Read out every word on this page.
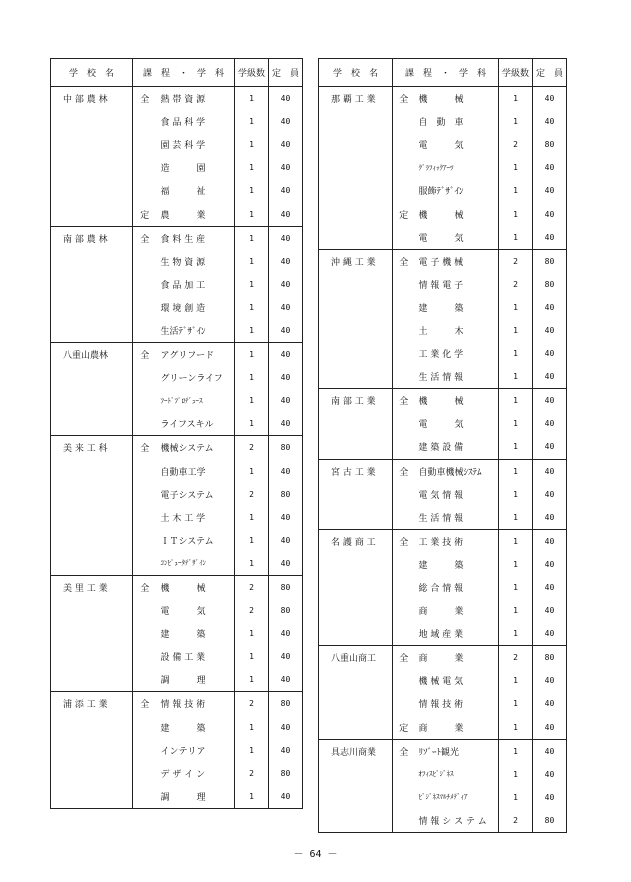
学　校　名	課　程　・　学　科		学級数	定　員
中 部 農 林	全	熱 帯 資 源	1	40
		食 品 科 学	1	40
		園 芸 科 学	1	40
		造　　　園	1	40
		福　　　祉	1	40
	定	農　　　業	1	40
南 部 農 林	全	食 料 生 産	1	40
		生 物 資 源	1	40
		食 品 加 工	1	40
		環 境 創 造	1	40
		生活ﾃﾞｻﾞｲﾝ	1	40
八重山農林	全	アグリフード	1	40
		グリーンライフ	1	40
		ﾌｰﾄﾞﾌﾟﾛﾃﾞｭｰｽ	1	40
		ライフスキル	1	40
美 来 工 科	全	機械システム	2	80
		自動車工学	1	40
		電子システム	2	80
		土 木 工 学	1	40
		ＩＴシステム	1	40
		ｺﾝﾋﾟｭｰﾀﾃﾞｻﾞｲﾝ	1	40
美 里 工 業	全	機　　　械	2	80
		電　　　気	2	80
		建　　　築	1	40
		設 備 工 業	1	40
		調　　　理	1	40
浦 添 工 業	全	情 報 技 術	2	80
		建　　　築	1	40
		インテリア	1	40
		デ ザ イ ン	2	80
		調　　　理	1	40
学　校　名	課　程　・　学　科		学級数	定　員
那 覇 工 業	全	機　　　械	1	40
		自　動　車	1	40
		電　　　気	2	80
		ｸﾞﾗﾌｨｯｸｱｰﾂ	1	40
		服飾ﾃﾞｻﾞｲﾝ	1	40
	定	機　　　械	1	40
		電　　　気	1	40
沖 縄 工 業	全	電 子 機 械	2	80
		情 報 電 子	2	80
		建　　　築	1	40
		土　　　木	1	40
		工 業 化 学	1	40
		生 活 情 報	1	40
南 部 工 業	全	機　　　械	1	40
		電　　　気	1	40
		建 築 設 備	1	40
宮 古 工 業	全	自動車機械ｼｽﾃﾑ	1	40
		電 気 情 報	1	40
		生 活 情 報	1	40
名 護 商 工	全	工 業 技 術	1	40
		建　　　築	1	40
		総 合 情 報	1	40
		商　　　業	1	40
		地 域 産 業	1	40
八重山商工	全	商　　　業	2	80
		機 械 電 気	1	40
		情 報 技 術	1	40
	定	商　　　業	1	40
具志川商業	全	ﾘｿﾞｰﾄ観光	1	40
		ｵﾌｨｽﾋﾞｼﾞﾈｽ	1	40
		ﾋﾞｼﾞﾈｽﾏﾙﾁﾒﾃﾞｨｱ	1	40
		情 報 シ ス テ ム	2	80
－ 64 －
